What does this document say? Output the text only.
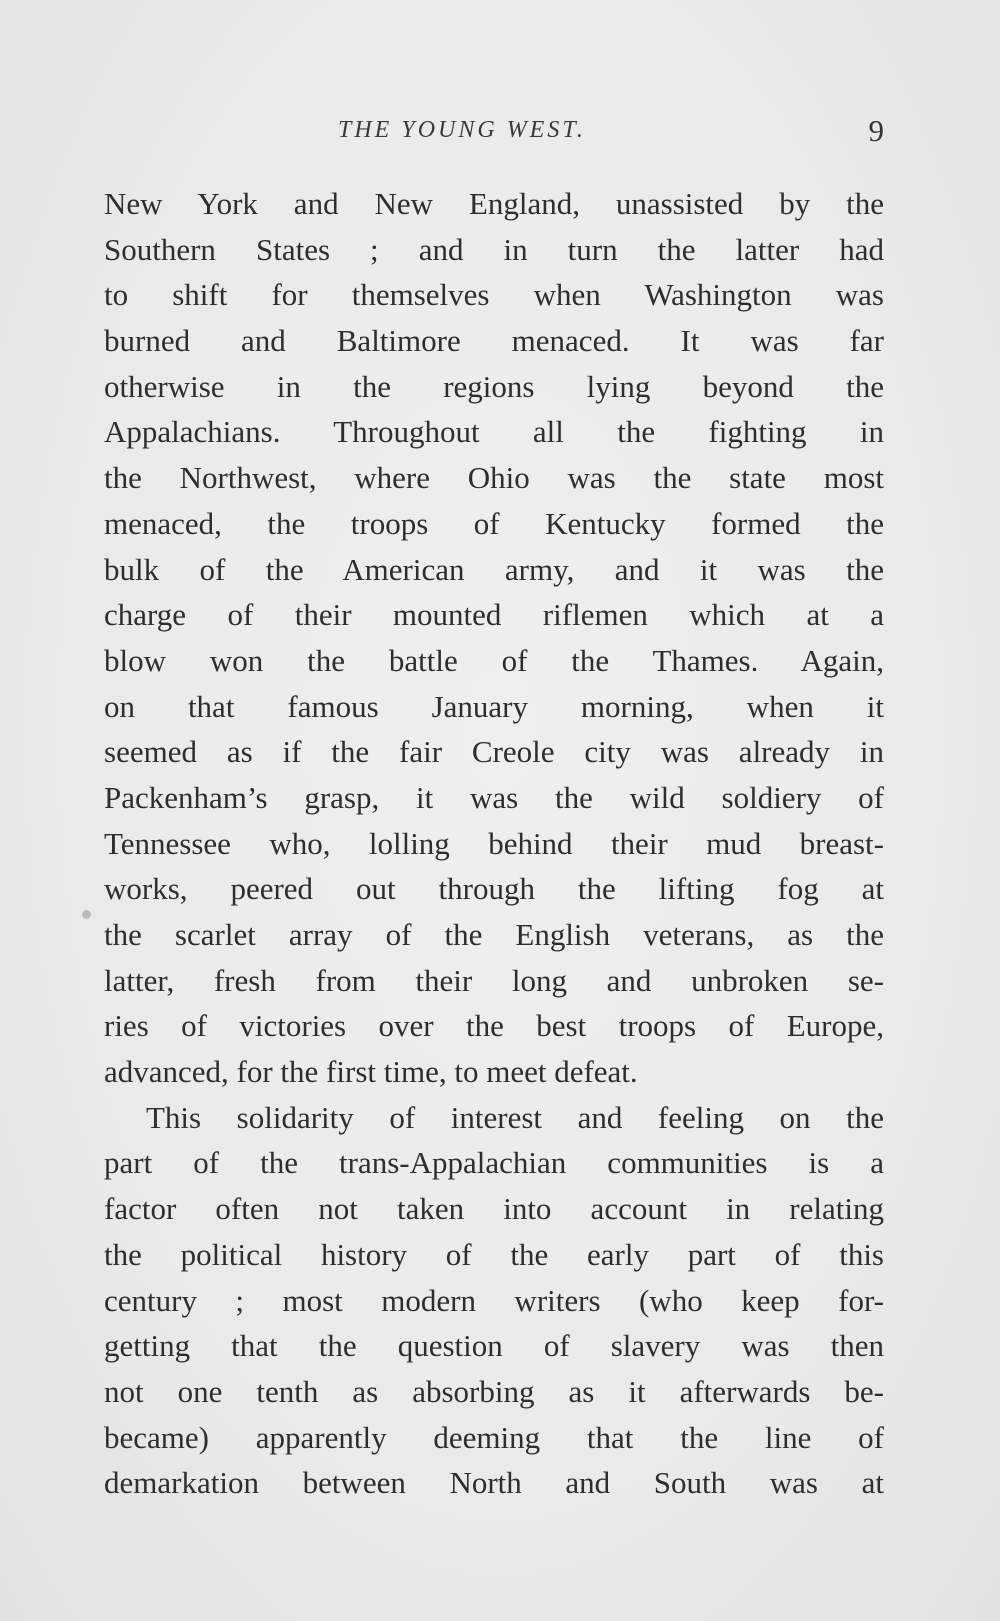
THE YOUNG WEST.	9
New York and New England, unassisted by the
Southern States ; and in turn the latter had
to shift for themselves when Washington was
burned and Baltimore menaced. It was far
otherwise in the regions lying beyond the
Appalachians. Throughout all the fighting in
the Northwest, where Ohio was the state most
menaced, the troops of Kentucky formed the
bulk of the American army, and it was the
charge of their mounted riflemen which at a
blow won the battle of the Thames. Again,
on that famous January morning, when it
seemed as if the fair Creole city was already in
Packenham’s grasp, it was the wild soldiery of
Tennessee who, lolling behind their mud breast-
works, peered out through the lifting fog at
the scarlet array of the English veterans, as the
latter, fresh from their long and unbroken se-
ries of victories over the best troops of Europe,
advanced, for the first time, to meet defeat.
This solidarity of interest and feeling on the
part of the trans-Appalachian communities is a
factor often not taken into account in relating
the political history of the early part of this
century ; most modern writers (who keep for-
getting that the question of slavery was then
not one tenth as absorbing as it afterwards be-
became) apparently deeming that the line of
demarkation between North and South was at
